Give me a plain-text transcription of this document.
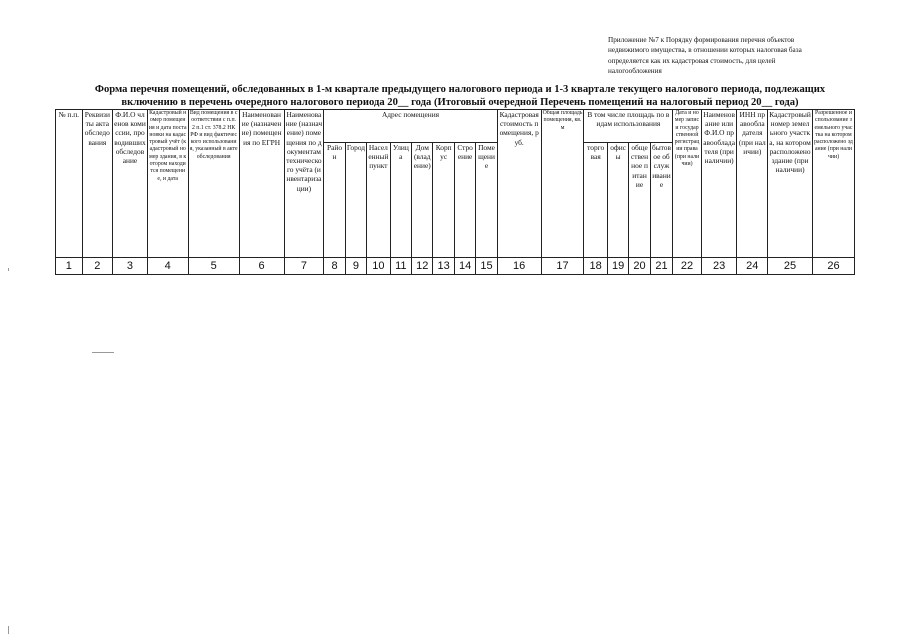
Приложение №7 к Порядку формирования перечня объектов
недвижимого имущества, в отношении которых налоговая база
определяется как их кадастровая стоимость, для целей
налогообложения
Форма перечня помещений, обследованных в 1-м квартале предыдущего налогового периода и 1-3 квартале текущего налогового периода, подлежащих
включению в перечень очередного налогового периода 20__ года (Итоговый очередной Перечень помещений на налоговый период 20__ года)
№ п.п.	Реквизиты акта обследования	Ф.И.О членов комиссии, проводивших обследование	Кадастровый номер помещения и дата постановки на кадастровый учёт (кадастровый номер здания, в котором находится помещение, и дата	Вид помещения в соответствии с п.п. 2 п.1 ст. 378.2 НК РФ и вид фактического использования, указанный в акте обследования	Наименование (назначение) помещения по ЕГРН	Наименование (назначение) помещения по документам технического учёта (инвентаризации)	Адрес помещения								Кадастровая стоимость помещения, руб.	Общая площадь помещения, кв.м	В том числе площадь по видам использования				Дата и номер записи государственной регистрации права (при наличии)	Наименование или Ф.И.О правообладателя (при наличии)	ИНН правообладателя (при наличии)	Кадастровый номер земельного участка, на котором расположено здание (при наличии)	Разрешенное использование земельного участка на котором расположено здание (при наличии)
							Район	Город	Населенный пункт	Улица	Дом (владение)	Корпус	Строение	Помещение			торговая	офисы	общественное питание	бытовое обслуживание					
1	2	3	4	5	6	7	8	9	10	11	12	13	14	15	16	17	18	19	20	21	22	23	24	25	26
